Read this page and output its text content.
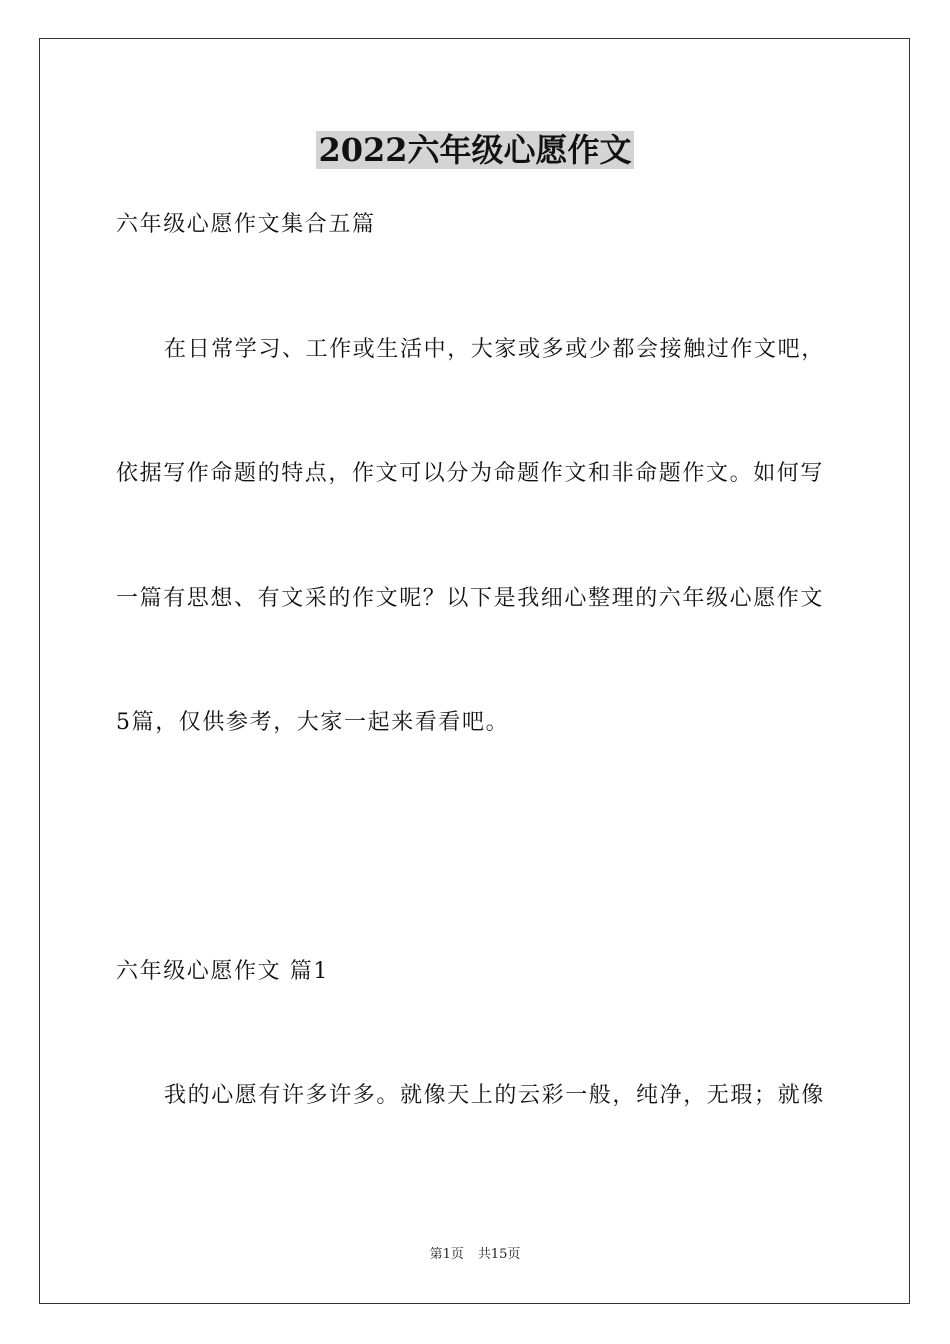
2022六年级心愿作文
六年级心愿作文集合五篇
在日常学习、工作或生活中，大家或多或少都会接触过作文吧，
依据写作命题的特点，作文可以分为命题作文和非命题作文。如何写
一篇有思想、有文采的作文呢？以下是我细心整理的六年级心愿作文
5篇，仅供参考，大家一起来看看吧。
六年级心愿作文 篇1
我的心愿有许多许多。就像天上的云彩一般，纯净，无瑕；就像
第1页 共15页
